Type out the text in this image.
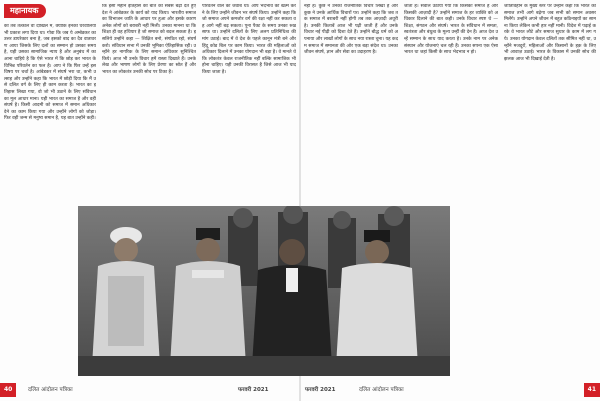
महानायक
को तब तत्काल वो दाखिले में, क्योंकि इनकी घरवालियां भी प्रकाश लगा दिया था। गोवा कि जब ये अम्बेडकर का उत्तर डायरेक्टर बना है, जब इसको बाद का दैव वातावरण आया जिसके लिए दलों का सम्मान हो उसका समय है, यही उसका सामाजिक न्याय है और अनुबंध में का आना चाहिये है कि ऐसे भारत में कि छोड़ कर भारत के विभिन्न परिवर्तन का फल है। आप ने कि फिर उन्हें इस विषय पर चर्चा है। आंबेडकर में संघर्ष भरा था, कभी उत्साह और उन्होंने कहा कि भारत में छोड़ी दिया कि मैं उसे दलित वर्ग के लिए ही काम करता है। भारत का इतिहास लिखा गया, वो जो भी उठाने के लिए संविधान का मूल आधार माना। यही भारत का समाज है और वही संघर्ष है। किसी आदमी को समाज में समान अधिकार देने का काम किया गया और उन्होंने लोगों को जोड़ा। फिर वही जन्म से मनुष्य समान है, यह बात उन्होंने कही।
कि इसी महान इतिहास की बातें को सबसे बढ़ी देते हुए देश ने आंबेडकर के कार्य को याद किया। भारतीय समाज का विभाजन जाति के आधार पर हुआ और इसके कारण अनेक लोगों को बराबरी नहीं मिली। उनका मानना था कि शिक्षा ही वह हथियार है जो समाज को बदल सकता है। इसलिये उन्होंने कहा — शिक्षित बनो, संगठित रहो, संघर्ष करो। संविधान सभा में उनकी भूमिका ऐतिहासिक रही। उन्होंने हर नागरिक के लिए समान अधिकार सुनिश्चित किये। आज भी उनके विचार हमें रास्ता दिखाते हैं। उनके लेख और भाषण लोगों के लिए प्रेरणा का स्रोत हैं और भारत का लोकतंत्र उनकी सोच पर टिका है।
परिवर्तन वाले का जवाब था। आप भेदभाव को खत्म करने के लिए उन्होंने जीवन भर संघर्ष किया। उन्होंने कहा कि जो समाज अपने कमजोर वर्ग की रक्षा नहीं कर सकता वह आगे नहीं बढ़ सकता। पूना पैक्ट के समय उनका रुख साफ था। उन्होंने दलितों के लिए अलग प्रतिनिधित्व की मांग उठाई। बाद में वे देश के पहले कानून मंत्री बने और हिंदू कोड बिल पर काम किया। भारत की महिलाओं को अधिकार दिलाने में उनका योगदान भी बड़ा है। वे मानते थे कि लोकतंत्र केवल राजनीतिक नहीं बल्कि सामाजिक भी होना चाहिए। यही उनकी विरासत है जिसे आज भी याद किया जाता है।
नहीं है। कुछ ने उनका राजनीतिक विचार लिखा है और कुछ ने उनके आर्थिक विचारों पर। उन्होंने कहा कि जब तक समाज में बराबरी नहीं होगी तब तक आज़ादी अधूरी है। उनकी किताबें आज भी पढ़ी जाती हैं और उनके विचार नई पीढ़ी को दिशा देते हैं। उन्होंने बौद्ध धर्म को अपनाया और लाखों लोगों के साथ नया रास्ता चुना। यह कदम समाज में समानता की ओर एक बड़ा संदेश था। उनका जीवन संघर्ष, ज्ञान और सेवा का उदाहरण है।
जाता है। सवाल उठाया गया कि किसका समाज है और किसकी आज़ादी है? उन्होंने समाज के हर व्यक्ति को अधिकार दिलाने की बात कही। उनके विचार स्पष्ट थे — शिक्षा, संगठन और संघर्ष। भारत के संविधान में समता, स्वतंत्रता और बंधुत्व के मूल्य उन्हीं की देन हैं। आज देश उन्हें सम्मान के साथ याद करता है। उनके नाम पर अनेक संस्थान और योजनाएं चल रही हैं। उनका सपना एक ऐसा भारत था जहां किसी के साथ भेदभाव न हो।
जातिविहीन के मुख्य स्तर पर उन्होंने कहा कि भारत का समाज तभी आगे बढ़ेगा जब सभी को समान अवसर मिलेंगे। उन्होंने अपने जीवन में बहुत कठिनाइयों का सामना किया लेकिन कभी हार नहीं मानी। विदेश में पढ़ाई करके वे भारत लौटे और समाज सुधार के काम में लग गये। उनका योगदान केवल दलितों तक सीमित नहीं था, उन्होंने मजदूरों, महिलाओं और किसानों के हक़ के लिए भी आवाज़ उठाई। भारत के विकास में उनकी सोच की झलक आज भी दिखाई देती है।
40	दलित आंदोलन पत्रिका	फरवरी 2021	फरवरी 2021	दलित आंदोलन पत्रिका	41
